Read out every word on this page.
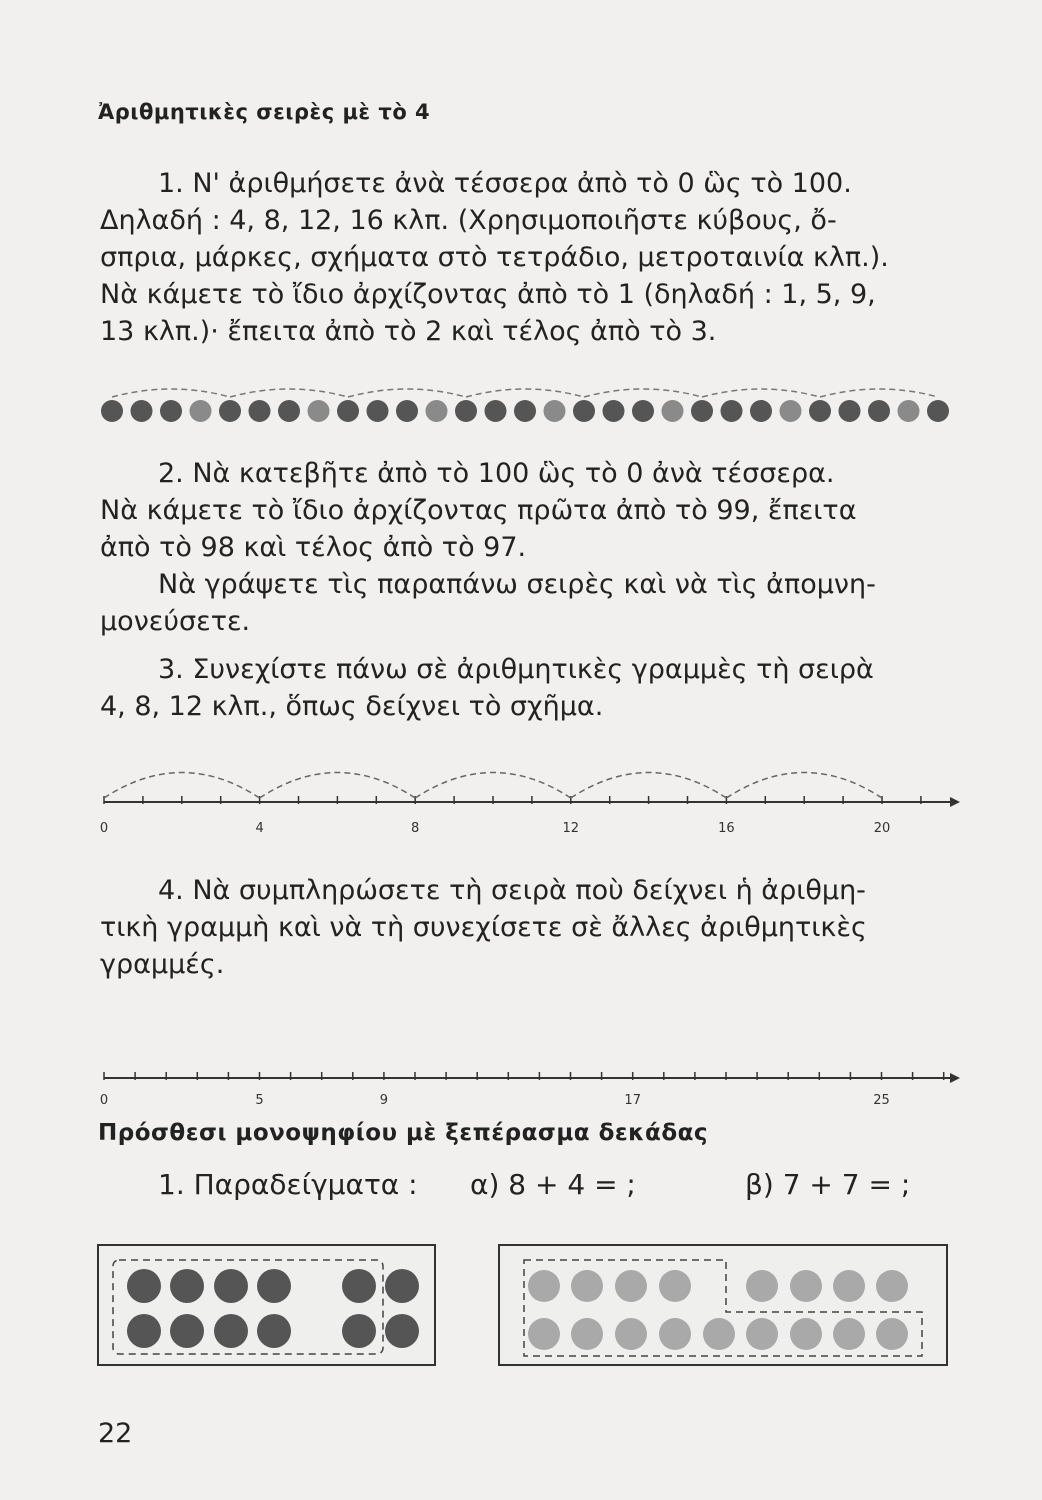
Ἀριθμητικὲς σειρὲς μὲ τὸ 4
1. Ν' ἀριθμήσετε ἀνὰ τέσσερα ἀπὸ τὸ 0 ὣς τὸ 100.
Δηλαδή : 4, 8, 12, 16 κλπ. (Χρησιμοποιῆστε κύβους, ὄ-
σπρια, μάρκες, σχήματα στὸ τετράδιο, μετροταινία κλπ.).
Νὰ κάμετε τὸ ἴδιο ἀρχίζοντας ἀπὸ τὸ 1 (δηλαδή : 1, 5, 9,
13 κλπ.)· ἔπειτα ἀπὸ τὸ 2 καὶ τέλος ἀπὸ τὸ 3.
2. Νὰ κατεβῆτε ἀπὸ τὸ 100 ὣς τὸ 0 ἀνὰ τέσσερα.
Νὰ κάμετε τὸ ἴδιο ἀρχίζοντας πρῶτα ἀπὸ τὸ 99, ἔπειτα
ἀπὸ τὸ 98 καὶ τέλος ἀπὸ τὸ 97.
Νὰ γράψετε τὶς παραπάνω σειρὲς καὶ νὰ τὶς ἀπομνη-
μονεύσετε.
3. Συνεχίστε πάνω σὲ ἀριθμητικὲς γραμμὲς τὴ σειρὰ
4, 8, 12 κλπ., ὅπως δείχνει τὸ σχῆμα.
0	4	8	12	16	20
4. Νὰ συμπληρώσετε τὴ σειρὰ ποὺ δείχνει ἡ ἀριθμη-
τικὴ γραμμὴ καὶ νὰ τὴ συνεχίσετε σὲ ἄλλες ἀριθμητικὲς
γραμμές.
0	5	9	17	25
Πρόσθεσι μονοψηφίου μὲ ξεπέρασμα δεκάδας
1. Παραδείγματα : α) 8 + 4 = ;	β) 7 + 7 = ;
22
